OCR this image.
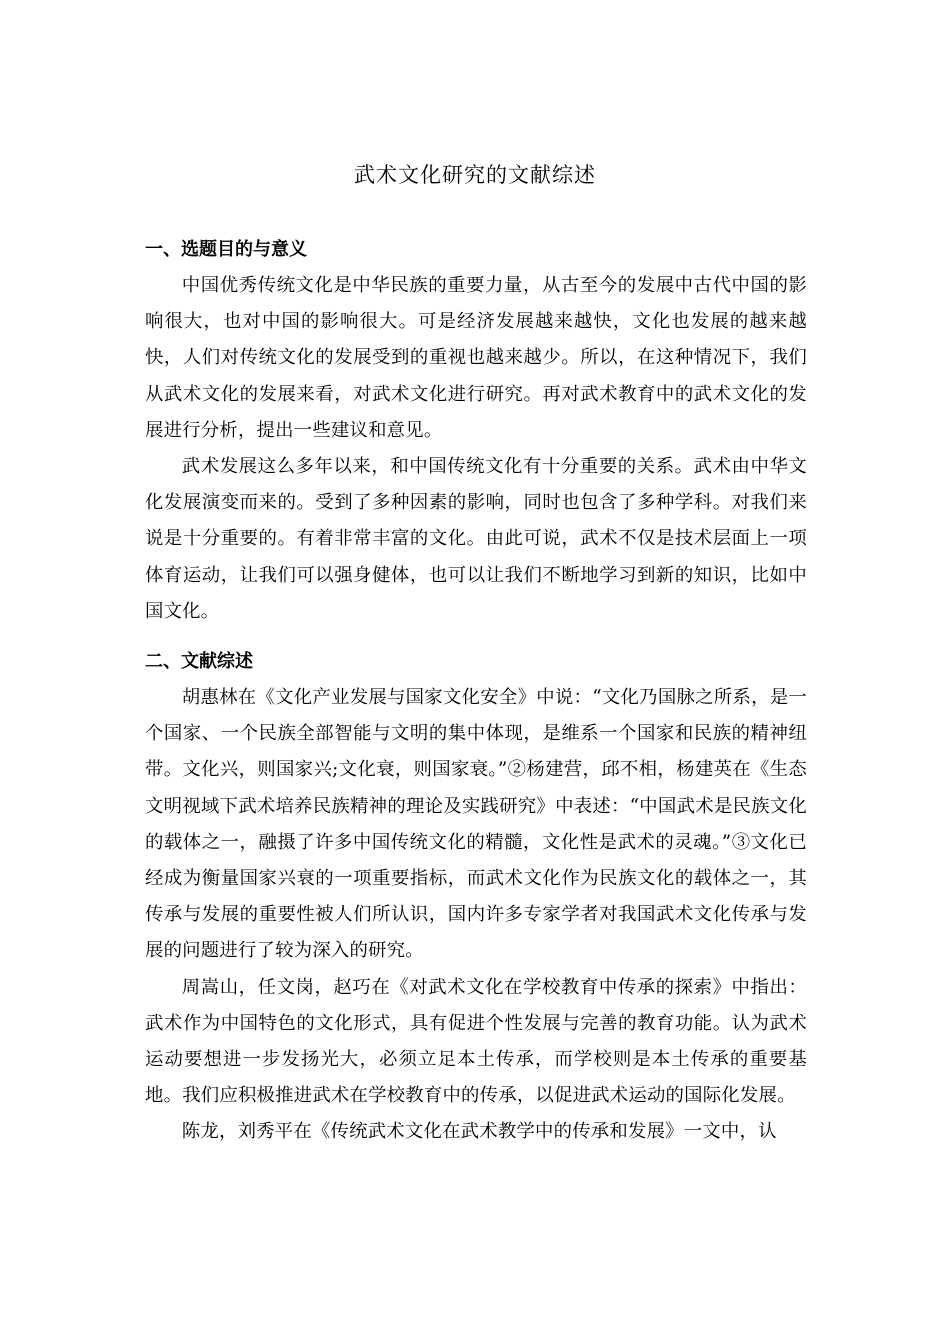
武术文化研究的文献综述
一、选题目的与意义

中国优秀传统文化是中华民族的重要力量，从古至今的发展中古代中国的影响很大，也对中国的影响很大。可是经济发展越来越快，文化也发展的越来越快，人们对传统文化的发展受到的重视也越来越少。所以，在这种情况下，我们从武术文化的发展来看，对武术文化进行研究。再对武术教育中的武术文化的发展进行分析，提出一些建议和意见。

武术发展这么多年以来，和中国传统文化有十分重要的关系。武术由中华文化发展演变而来的。受到了多种因素的影响，同时也包含了多种学科。对我们来说是十分重要的。有着非常丰富的文化。由此可说，武术不仅是技术层面上一项体育运动，让我们可以强身健体，也可以让我们不断地学习到新的知识，比如中国文化。

二、文献综述

胡惠林在《文化产业发展与国家文化安全》中说：“文化乃国脉之所系，是一个国家、一个民族全部智能与文明的集中体现，是维系一个国家和民族的精神纽带。文化兴，则国家兴;文化衰，则国家衰。”②杨建营，邱不相，杨建英在《生态文明视域下武术培养民族精神的理论及实践研究》中表述：“中国武术是民族文化的载体之一，融摄了许多中国传统文化的精髓，文化性是武术的灵魂。”③文化已经成为衡量国家兴衰的一项重要指标，而武术文化作为民族文化的载体之一，其传承与发展的重要性被人们所认识，国内许多专家学者对我国武术文化传承与发展的问题进行了较为深入的研究。

周嵩山，任文岗，赵巧在《对武术文化在学校教育中传承的探索》中指出：武术作为中国特色的文化形式，具有促进个性发展与完善的教育功能。认为武术运动要想进一步发扬光大，必须立足本土传承，而学校则是本土传承的重要基地。我们应积极推进武术在学校教育中的传承，以促进武术运动的国际化发展。

陈龙，刘秀平在《传统武术文化在武术教学中的传承和发展》一文中，认
